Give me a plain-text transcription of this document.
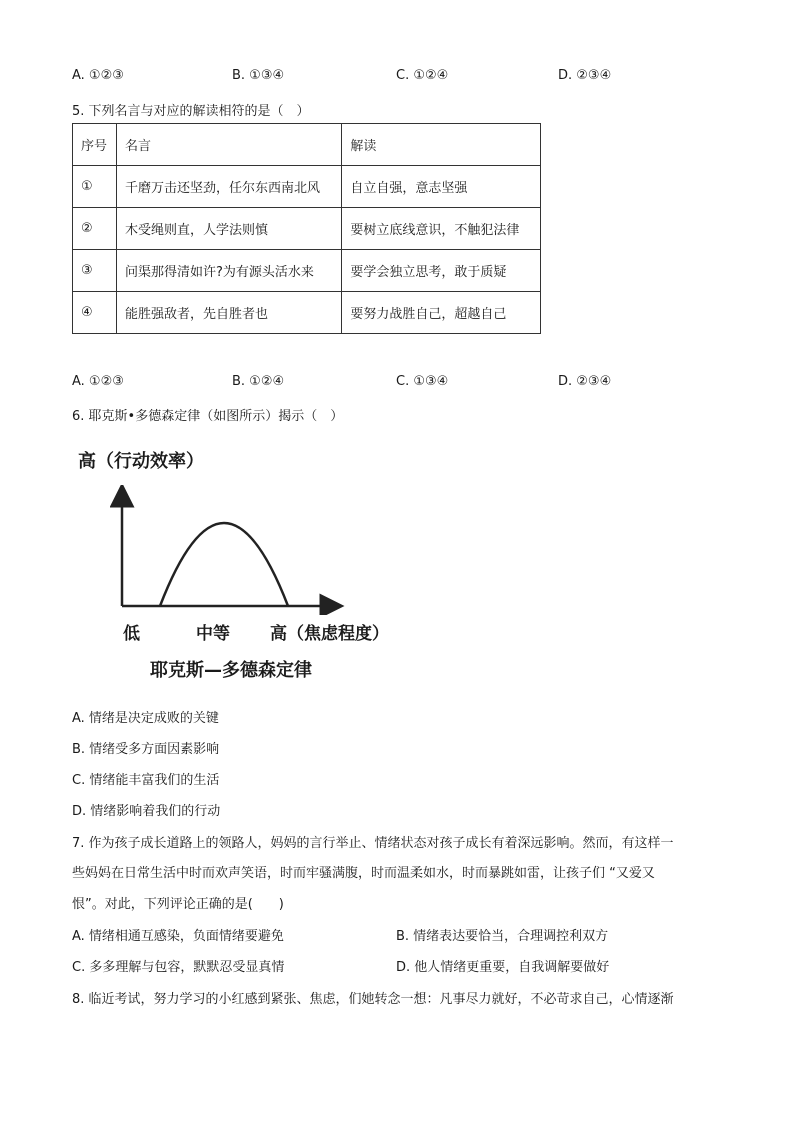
A. ①②③	B. ①③④	C. ①②④	D. ②③④
5. 下列名言与对应的解读相符的是（　）
序号	名言	解读
①	千磨万击还坚劲，任尔东西南北风	自立自强，意志坚强
②	木受绳则直，人学法则慎	要树立底线意识，不触犯法律
③	问渠那得清如许?为有源头活水来	要学会独立思考，敢于质疑
④	能胜强敌者，先自胜者也	要努力战胜自己，超越自己
A. ①②③	B. ①②④	C. ①③④	D. ②③④
6. 耶克斯•多德森定律（如图所示）揭示（　）
高（行动效率）
低	中等 高（焦虑程度）
耶克斯—多德森定律
A. 情绪是决定成败的关键
B. 情绪受多方面因素影响
C. 情绪能丰富我们的生活
D. 情绪影响着我们的行动
7. 作为孩子成长道路上的领路人，妈妈的言行举止、情绪状态对孩子成长有着深远影响。然而，有这样一
些妈妈在日常生活中时而欢声笑语，时而牢骚满腹，时而温柔如水，时而暴跳如雷，让孩子们 “又爱又
恨”。对此，下列评论正确的是(　　)
A. 情绪相通互感染，负面情绪要避免	B. 情绪表达要恰当，合理调控利双方
C. 多多理解与包容，默默忍受显真情	D. 他人情绪更重要，自我调解要做好
8. 临近考试，努力学习的小红感到紧张、焦虑，们她转念一想：凡事尽力就好，不必苛求自己，心情逐渐
